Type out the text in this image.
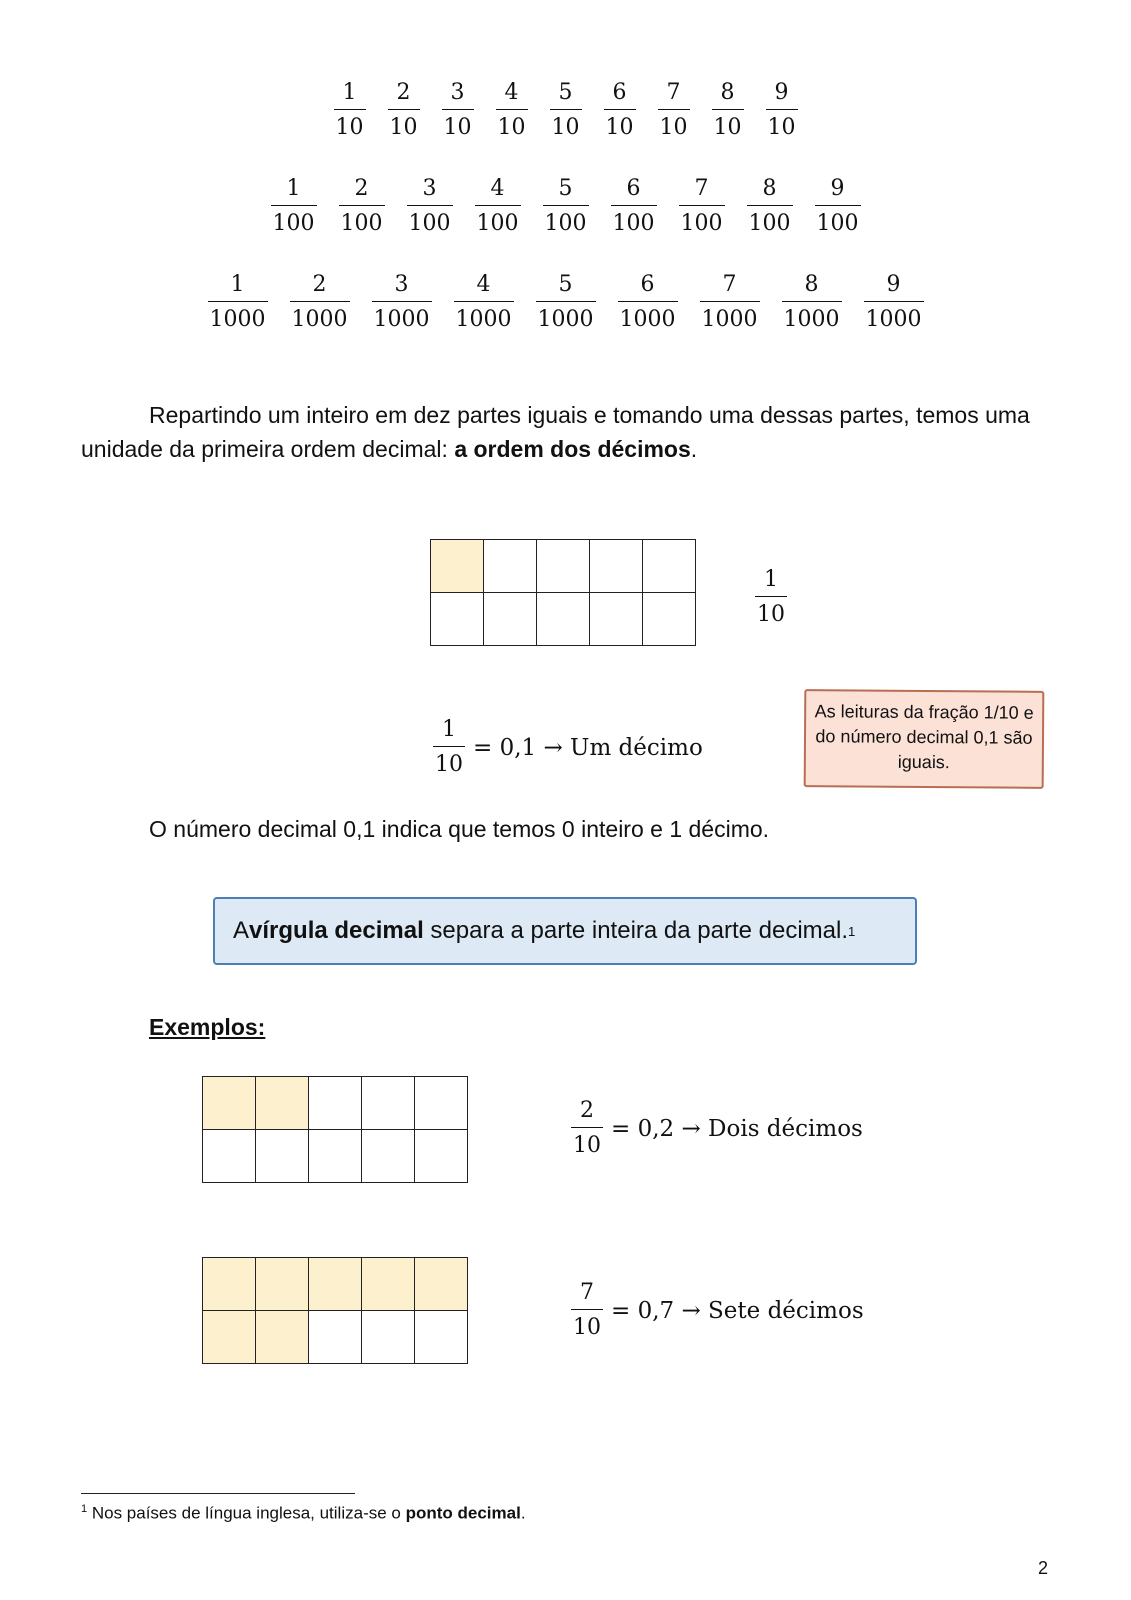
$\frac{1}{10} \frac{2}{10} \frac{3}{10} \frac{4}{10} \frac{5}{10} \frac{6}{10} \frac{7}{10} \frac{8}{10} \frac{9}{10}$
$\frac{1}{100} \frac{2}{100} \frac{3}{100} \frac{4}{100} \frac{5}{100} \frac{6}{100} \frac{7}{100} \frac{8}{100} \frac{9}{100}$
$\frac{1}{1000} \frac{2}{1000} \frac{3}{1000} \frac{4}{1000} \frac{5}{1000} \frac{6}{1000} \frac{7}{1000} \frac{8}{1000} \frac{9}{1000}$
Repartindo um inteiro em dez partes iguais e tomando uma dessas partes, temos uma unidade da primeira ordem decimal: a ordem dos décimos.
1
10
$\frac{1}{10} = 0,1 \to Um$ décimo
As leituras da fração 1/10 e do número decimal 0,1 são iguais.
O número decimal 0,1 indica que temos 0 inteiro e 1 décimo.
A vírgula decimal separa a parte inteira da parte decimal. 1
Exemplos:
$\frac{2}{10} = 0,2$ → Dois décimos
$\frac{7}{10} = 0,7$ → Sete décimos
$^1$ Nos países de língua inglesa, utiliza-se o ponto decimal.
2
